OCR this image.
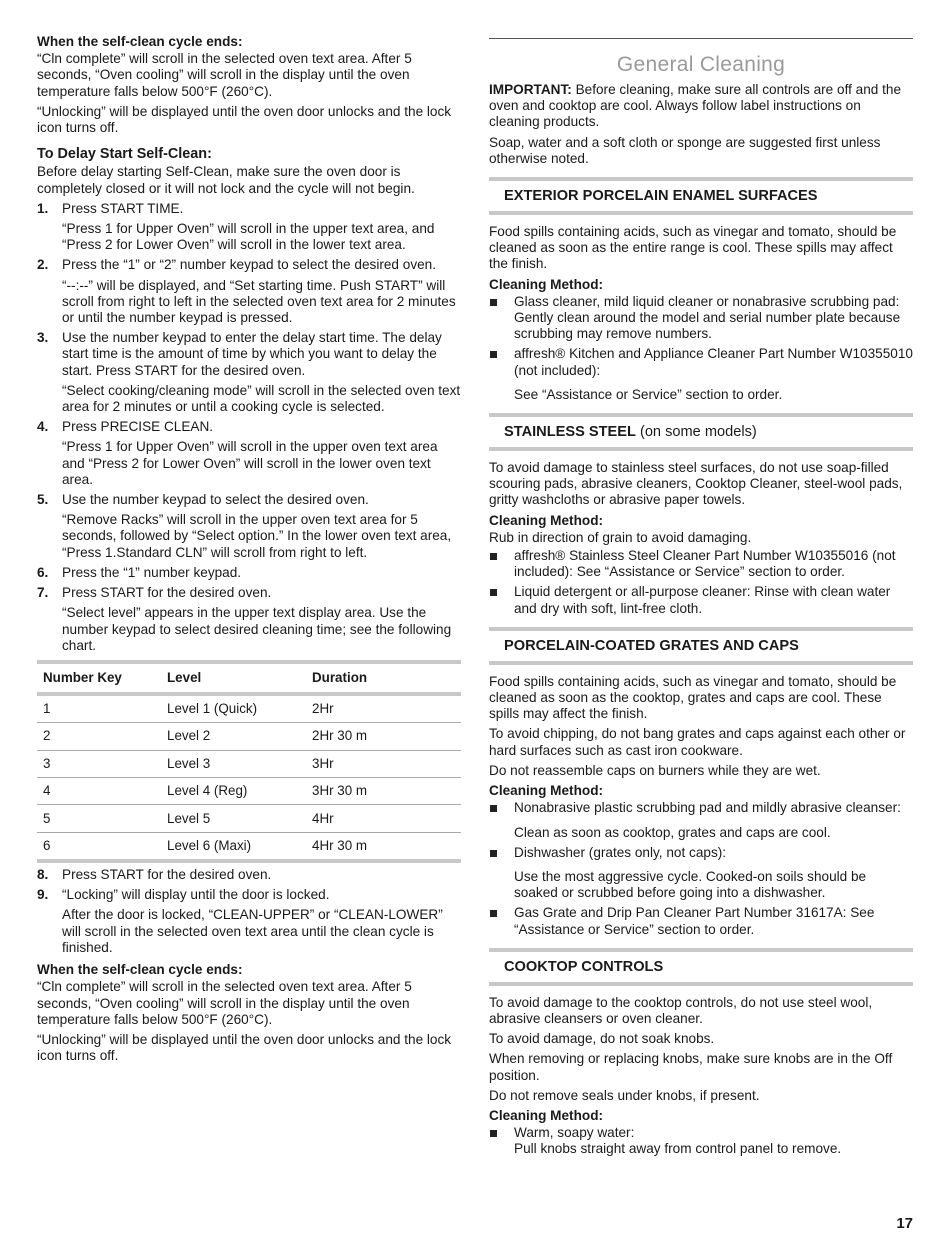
When the self-clean cycle ends:
“Cln complete” will scroll in the selected oven text area. After 5 seconds, “Oven cooling” will scroll in the display until the oven temperature falls below 500°F (260°C).
“Unlocking” will be displayed until the oven door unlocks and the lock icon turns off.
To Delay Start Self-Clean:
Before delay starting Self-Clean, make sure the oven door is completely closed or it will not lock and the cycle will not begin.
1. Press START TIME.
“Press 1 for Upper Oven” will scroll in the upper text area, and “Press 2 for Lower Oven” will scroll in the lower text area.
2. Press the “1” or “2” number keypad to select the desired oven.
“--:--” will be displayed, and “Set starting time. Push START” will scroll from right to left in the selected oven text area for 2 minutes or until the number keypad is pressed.
3. Use the number keypad to enter the delay start time. The delay start time is the amount of time by which you want to delay the start. Press START for the desired oven.
“Select cooking/cleaning mode” will scroll in the selected oven text area for 2 minutes or until a cooking cycle is selected.
4. Press PRECISE CLEAN.
“Press 1 for Upper Oven” will scroll in the upper oven text area and “Press 2 for Lower Oven” will scroll in the lower oven text area.
5. Use the number keypad to select the desired oven.
“Remove Racks” will scroll in the upper oven text area for 5 seconds, followed by “Select option.” In the lower oven text area, “Press 1.Standard CLN” will scroll from right to left.
6. Press the “1” number keypad.
7. Press START for the desired oven.
“Select level” appears in the upper text display area. Use the number keypad to select desired cleaning time; see the following chart.
Number Key	Level	Duration
1	Level 1 (Quick)	2Hr
2	Level 2	2Hr 30 m
3	Level 3	3Hr
4	Level 4 (Reg)	3Hr 30 m
5	Level 5	4Hr
6	Level 6 (Maxi)	4Hr 30 m
8. Press START for the desired oven.
9. “Locking” will display until the door is locked.
After the door is locked, “CLEAN-UPPER” or “CLEAN-LOWER” will scroll in the selected oven text area until the clean cycle is finished.
When the self-clean cycle ends:
“Cln complete” will scroll in the selected oven text area. After 5 seconds, “Oven cooling” will scroll in the display until the oven temperature falls below 500°F (260°C).
“Unlocking” will be displayed until the oven door unlocks and the lock icon turns off.
General Cleaning
IMPORTANT: Before cleaning, make sure all controls are off and the oven and cooktop are cool. Always follow label instructions on cleaning products.
Soap, water and a soft cloth or sponge are suggested first unless otherwise noted.
EXTERIOR PORCELAIN ENAMEL SURFACES
Food spills containing acids, such as vinegar and tomato, should be cleaned as soon as the entire range is cool. These spills may affect the finish.
Cleaning Method:
Glass cleaner, mild liquid cleaner or nonabrasive scrubbing pad: Gently clean around the model and serial number plate because scrubbing may remove numbers.
affresh® Kitchen and Appliance Cleaner Part Number W10355010 (not included):
See “Assistance or Service” section to order.
STAINLESS STEEL (on some models)
To avoid damage to stainless steel surfaces, do not use soap-filled scouring pads, abrasive cleaners, Cooktop Cleaner, steel-wool pads, gritty washcloths or abrasive paper towels.
Cleaning Method:
Rub in direction of grain to avoid damaging.
affresh® Stainless Steel Cleaner Part Number W10355016 (not included): See “Assistance or Service” section to order.
Liquid detergent or all-purpose cleaner: Rinse with clean water and dry with soft, lint-free cloth.
PORCELAIN-COATED GRATES AND CAPS
Food spills containing acids, such as vinegar and tomato, should be cleaned as soon as the cooktop, grates and caps are cool. These spills may affect the finish.
To avoid chipping, do not bang grates and caps against each other or hard surfaces such as cast iron cookware.
Do not reassemble caps on burners while they are wet.
Cleaning Method:
Nonabrasive plastic scrubbing pad and mildly abrasive cleanser:
Clean as soon as cooktop, grates and caps are cool.
Dishwasher (grates only, not caps):
Use the most aggressive cycle. Cooked-on soils should be soaked or scrubbed before going into a dishwasher.
Gas Grate and Drip Pan Cleaner Part Number 31617A: See “Assistance or Service” section to order.
COOKTOP CONTROLS
To avoid damage to the cooktop controls, do not use steel wool, abrasive cleansers or oven cleaner.
To avoid damage, do not soak knobs.
When removing or replacing knobs, make sure knobs are in the Off position.
Do not remove seals under knobs, if present.
Cleaning Method:
Warm, soapy water:
Pull knobs straight away from control panel to remove.
17
